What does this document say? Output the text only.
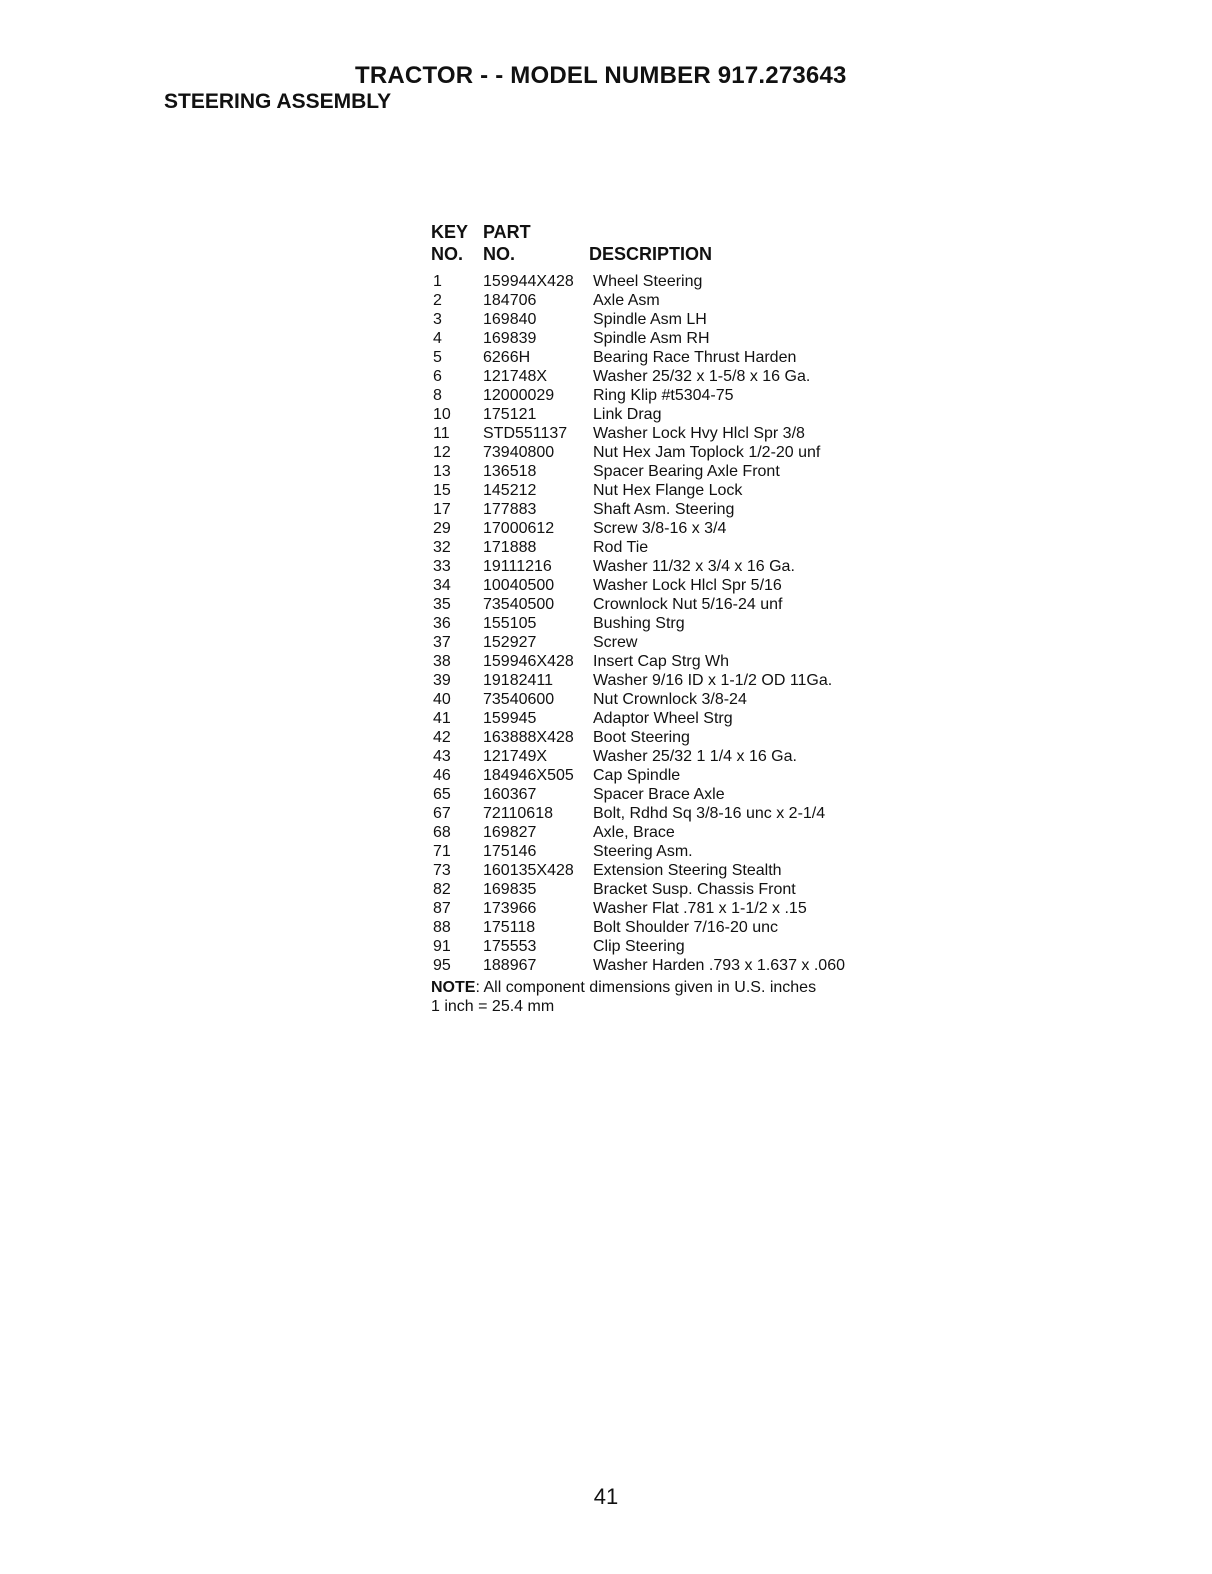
TRACTOR - - MODEL NUMBER 917.273643
STEERING ASSEMBLY
KEY PART
NO.	NO.	DESCRIPTION
1	159944X428	Wheel Steering
2	184706	Axle Asm
3	169840	Spindle Asm LH
4	169839	Spindle Asm RH
5	6266H	Bearing Race Thrust Harden
6	121748X	Washer 25/32 x 1-5/8 x 16 Ga.
8	12000029	Ring Klip #t5304-75
10	175121	Link Drag
11	STD551137	Washer Lock Hvy Hlcl Spr 3/8
12	73940800	Nut Hex Jam Toplock 1/2-20 unf
13	136518	Spacer Bearing Axle Front
15	145212	Nut Hex Flange Lock
17	177883	Shaft Asm. Steering
29	17000612	Screw 3/8-16 x 3/4
32	171888	Rod Tie
33	19111216	Washer 11/32 x 3/4 x 16 Ga.
34	10040500	Washer Lock Hlcl Spr 5/16
35	73540500	Crownlock Nut 5/16-24 unf
36	155105	Bushing Strg
37	152927	Screw
38	159946X428	Insert Cap Strg Wh
39	19182411	Washer 9/16 ID x 1-1/2 OD 11Ga.
40	73540600	Nut Crownlock 3/8-24
41	159945	Adaptor Wheel Strg
42	163888X428	Boot Steering
43	121749X	Washer 25/32 1 1/4 x 16 Ga.
46	184946X505	Cap Spindle
65	160367	Spacer Brace Axle
67	72110618	Bolt, Rdhd Sq 3/8-16 unc x 2-1/4
68	169827	Axle, Brace
71	175146	Steering Asm.
73	160135X428	Extension Steering Stealth
82	169835	Bracket Susp. Chassis Front
87	173966	Washer Flat .781 x 1-1/2 x .15
88	175118	Bolt Shoulder 7/16-20 unc
91	175553	Clip Steering
95	188967	Washer Harden .793 x 1.637 x .060
NOTE: All component dimensions given in U.S. inches
1 inch = 25.4 mm
41
